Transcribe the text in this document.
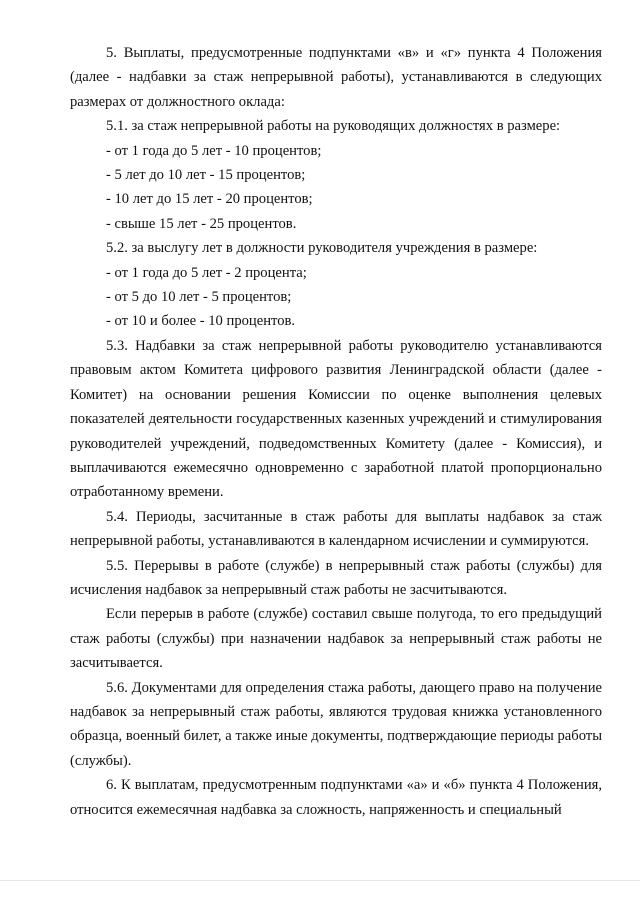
5. Выплаты, предусмотренные подпунктами «в» и «г» пункта 4 Положения (далее - надбавки за стаж непрерывной работы), устанавливаются в следующих размерах от должностного оклада:

5.1. за стаж непрерывной работы на руководящих должностях в размере:

- от 1 года до 5 лет - 10 процентов;

- 5 лет до 10 лет - 15 процентов;

- 10 лет до 15 лет - 20 процентов;

- свыше 15 лет - 25 процентов.

5.2. за выслугу лет в должности руководителя учреждения в размере:

- от 1 года до 5 лет - 2 процента;

- от 5 до 10 лет - 5 процентов;

- от 10 и более - 10 процентов.

5.3. Надбавки за стаж непрерывной работы руководителю устанавливаются правовым актом Комитета цифрового развития Ленинградской области (далее - Комитет) на основании решения Комиссии по оценке выполнения целевых показателей деятельности государственных казенных учреждений и стимулирования руководителей учреждений, подведомственных Комитету (далее - Комиссия), и выплачиваются ежемесячно одновременно с заработной платой пропорционально отработанному времени.

5.4. Периоды, засчитанные в стаж работы для выплаты надбавок за стаж непрерывной работы, устанавливаются в календарном исчислении и суммируются.

5.5. Перерывы в работе (службе) в непрерывный стаж работы (службы) для исчисления надбавок за непрерывный стаж работы не засчитываются.

Если перерыв в работе (службе) составил свыше полугода, то его предыдущий стаж работы (службы) при назначении надбавок за непрерывный стаж работы не засчитывается.

5.6. Документами для определения стажа работы, дающего право на получение надбавок за непрерывный стаж работы, являются трудовая книжка установленного образца, военный билет, а также иные документы, подтверждающие периоды работы (службы).

6. К выплатам, предусмотренным подпунктами «а» и «б» пункта 4 Положения, относится ежемесячная надбавка за сложность, напряженность и специальный
